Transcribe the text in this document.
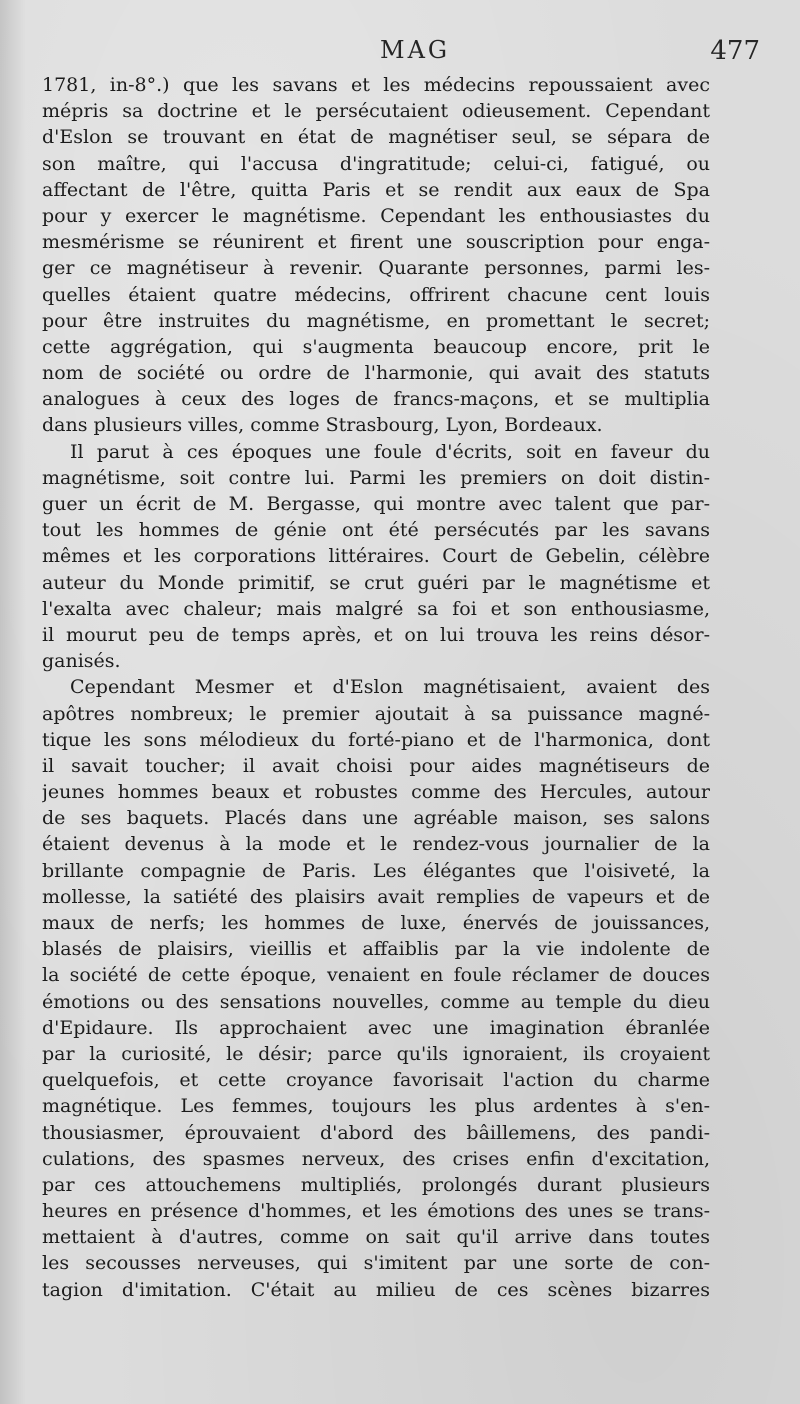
MAG	477
1781, in-8°.) que les savans et les médecins repoussaient avec
mépris sa doctrine et le persécutaient odieusement. Cependant
d'Eslon se trouvant en état de magnétiser seul, se sépara de
son maître, qui l'accusa d'ingratitude; celui-ci, fatigué, ou
affectant de l'être, quitta Paris et se rendit aux eaux de Spa
pour y exercer le magnétisme. Cependant les enthousiastes du
mesmérisme se réunirent et firent une souscription pour enga-
ger ce magnétiseur à revenir. Quarante personnes, parmi les-
quelles étaient quatre médecins, offrirent chacune cent louis
pour être instruites du magnétisme, en promettant le secret;
cette aggrégation, qui s'augmenta beaucoup encore, prit le
nom de société ou ordre de l'harmonie, qui avait des statuts
analogues à ceux des loges de francs-maçons, et se multiplia
dans plusieurs villes, comme Strasbourg, Lyon, Bordeaux.
Il parut à ces époques une foule d'écrits, soit en faveur du
magnétisme, soit contre lui. Parmi les premiers on doit distin-
guer un écrit de M. Bergasse, qui montre avec talent que par-
tout les hommes de génie ont été persécutés par les savans
mêmes et les corporations littéraires. Court de Gebelin, célèbre
auteur du Monde primitif, se crut guéri par le magnétisme et
l'exalta avec chaleur; mais malgré sa foi et son enthousiasme,
il mourut peu de temps après, et on lui trouva les reins désor-
ganisés.
Cependant Mesmer et d'Eslon magnétisaient, avaient des
apôtres nombreux; le premier ajoutait à sa puissance magné-
tique les sons mélodieux du forté-piano et de l'harmonica, dont
il savait toucher; il avait choisi pour aides magnétiseurs de
jeunes hommes beaux et robustes comme des Hercules, autour
de ses baquets. Placés dans une agréable maison, ses salons
étaient devenus à la mode et le rendez-vous journalier de la
brillante compagnie de Paris. Les élégantes que l'oisiveté, la
mollesse, la satiété des plaisirs avait remplies de vapeurs et de
maux de nerfs; les hommes de luxe, énervés de jouissances,
blasés de plaisirs, vieillis et affaiblis par la vie indolente de
la société de cette époque, venaient en foule réclamer de douces
émotions ou des sensations nouvelles, comme au temple du dieu
d'Epidaure. Ils approchaient avec une imagination ébranlée
par la curiosité, le désir; parce qu'ils ignoraient, ils croyaient
quelquefois, et cette croyance favorisait l'action du charme
magnétique. Les femmes, toujours les plus ardentes à s'en-
thousiasmer, éprouvaient d'abord des bâillemens, des pandi-
culations, des spasmes nerveux, des crises enfin d'excitation,
par ces attouchemens multipliés, prolongés durant plusieurs
heures en présence d'hommes, et les émotions des unes se trans-
mettaient à d'autres, comme on sait qu'il arrive dans toutes
les secousses nerveuses, qui s'imitent par une sorte de con-
tagion d'imitation. C'était au milieu de ces scènes bizarres
